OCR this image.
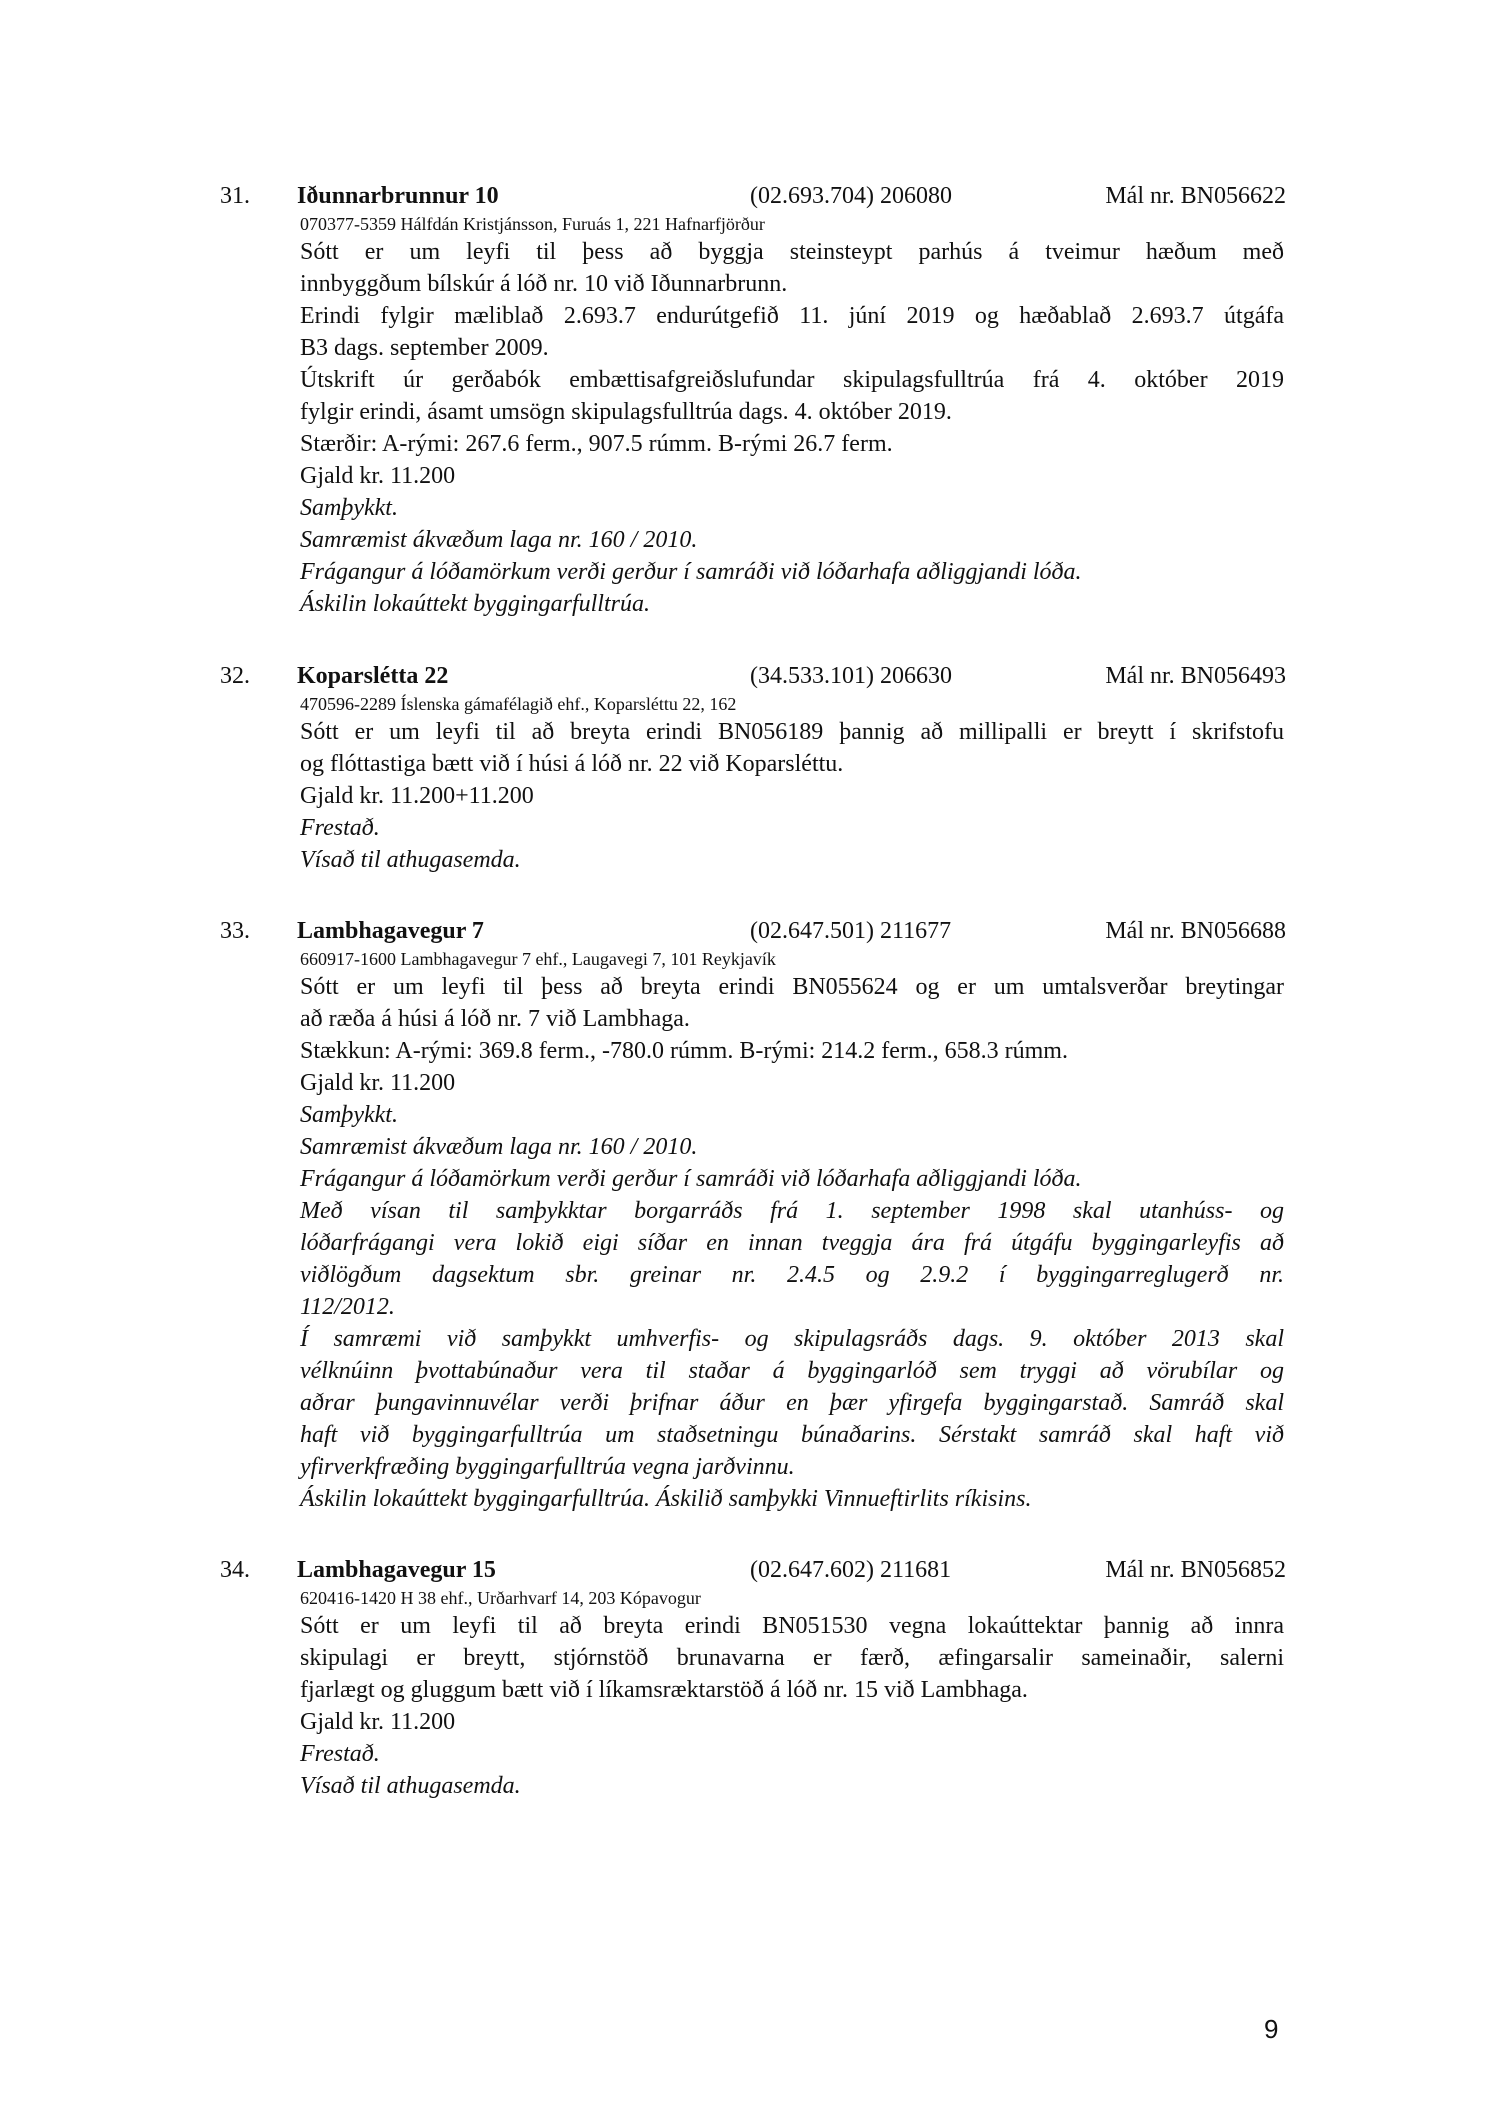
31. Iðunnarbrunnur 10	(02.693.704) 206080	Mál nr. BN056622
070377-5359 Hálfdán Kristjánsson, Furuás 1, 221 Hafnarfjörður
Sótt er um leyfi til þess að byggja steinsteypt parhús á tveimur hæðum með
innbyggðum bílskúr á lóð nr. 10 við Iðunnarbrunn.
Erindi fylgir mæliblað 2.693.7 endurútgefið 11. júní 2019 og hæðablað 2.693.7 útgáfa
B3 dags. september 2009.
Útskrift úr gerðabók embættisafgreiðslufundar skipulagsfulltrúa frá 4. október 2019
fylgir erindi, ásamt umsögn skipulagsfulltrúa dags. 4. október 2019.
Stærðir: A-rými: 267.6 ferm., 907.5 rúmm. B-rými 26.7 ferm.
Gjald kr. 11.200
Samþykkt.
Samræmist ákvæðum laga nr. 160 / 2010.
Frágangur á lóðamörkum verði gerður í samráði við lóðarhafa aðliggjandi lóða.
Áskilin lokaúttekt byggingarfulltrúa.
32. Koparslétta 22	(34.533.101) 206630	Mál nr. BN056493
470596-2289 Íslenska gámafélagið ehf., Koparsléttu 22, 162
Sótt er um leyfi til að breyta erindi BN056189 þannig að millipalli er breytt í skrifstofu
og flóttastiga bætt við í húsi á lóð nr. 22 við Koparsléttu.
Gjald kr. 11.200+11.200
Frestað.
Vísað til athugasemda.
33. Lambhagavegur 7	(02.647.501) 211677	Mál nr. BN056688
660917-1600 Lambhagavegur 7 ehf., Laugavegi 7, 101 Reykjavík
Sótt er um leyfi til þess að breyta erindi BN055624 og er um umtalsverðar breytingar
að ræða á húsi á lóð nr. 7 við Lambhaga.
Stækkun: A-rými: 369.8 ferm., -780.0 rúmm. B-rými: 214.2 ferm., 658.3 rúmm.
Gjald kr. 11.200
Samþykkt.
Samræmist ákvæðum laga nr. 160 / 2010.
Frágangur á lóðamörkum verði gerður í samráði við lóðarhafa aðliggjandi lóða.
Með vísan til samþykktar borgarráðs frá 1. september 1998 skal utanhúss- og
lóðarfrágangi vera lokið eigi síðar en innan tveggja ára frá útgáfu byggingarleyfis að
viðlögðum dagsektum sbr. greinar nr. 2.4.5 og 2.9.2 í byggingarreglugerð nr.
112/2012.
Í samræmi við samþykkt umhverfis- og skipulagsráðs dags. 9. október 2013 skal
vélknúinn þvottabúnaður vera til staðar á byggingarlóð sem tryggi að vörubílar og
aðrar þungavinnuvélar verði þrifnar áður en þær yfirgefa byggingarstað. Samráð skal
haft við byggingarfulltrúa um staðsetningu búnaðarins. Sérstakt samráð skal haft við
yfirverkfræðing byggingarfulltrúa vegna jarðvinnu.
Áskilin lokaúttekt byggingarfulltrúa. Áskilið samþykki Vinnueftirlits ríkisins.
34. Lambhagavegur 15	(02.647.602) 211681	Mál nr. BN056852
620416-1420 H 38 ehf., Urðarhvarf 14, 203 Kópavogur
Sótt er um leyfi til að breyta erindi BN051530 vegna lokaúttektar þannig að innra
skipulagi er breytt, stjórnstöð brunavarna er færð, æfingarsalir sameinaðir, salerni
fjarlægt og gluggum bætt við í líkamsræktarstöð á lóð nr. 15 við Lambhaga.
Gjald kr. 11.200
Frestað.
Vísað til athugasemda.
9
